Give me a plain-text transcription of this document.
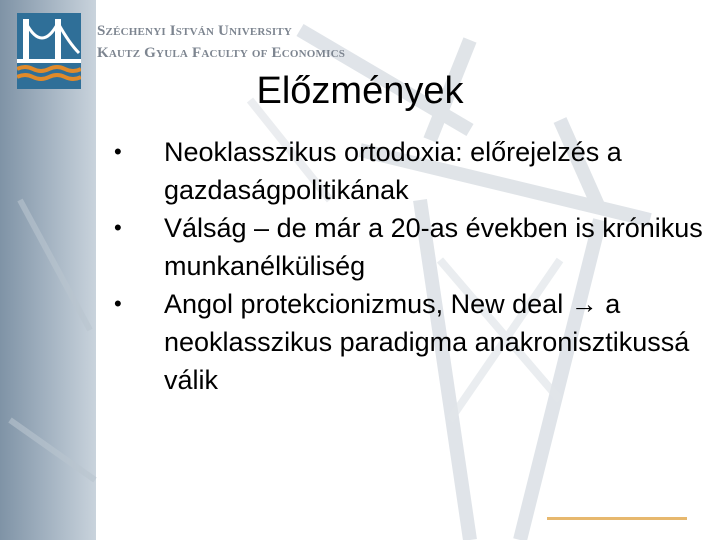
Széchenyi István University
Kautz Gyula Faculty of Economics
Előzmények
• Neoklasszikus ortodoxia: előrejelzés a gazdaságpolitikának
• Válság – de már a 20-as években is krónikus munkanélküliség
• Angol protekcionizmus, New deal → a neoklasszikus paradigma anakronisztikussá válik
